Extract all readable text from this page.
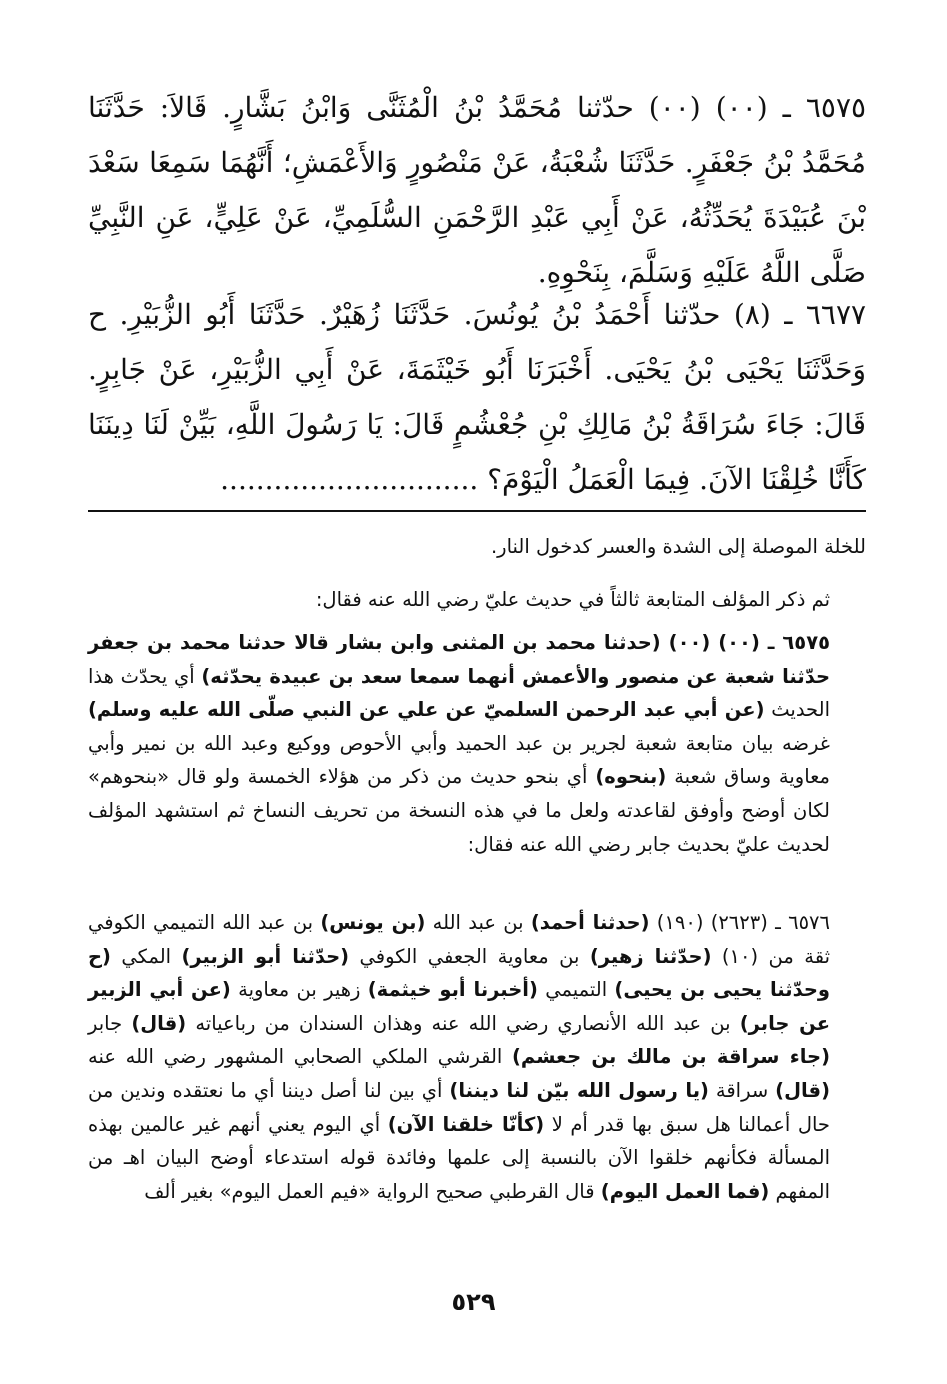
٦٥٧٥ ـ (٠٠) (٠٠) حدّثنا مُحَمَّدُ بْنُ الْمُثَنَّى وَابْنُ بَشَّارٍ. قَالاَ: حَدَّثَنَا مُحَمَّدُ بْنُ جَعْفَرٍ. حَدَّثَنَا شُعْبَةُ، عَنْ مَنْصُورٍ وَالأَعْمَشِ؛ أَنَّهُمَا سَمِعَا سَعْدَ بْنَ عُبَيْدَةَ يُحَدِّثُهُ، عَنْ أَبِي عَبْدِ الرَّحْمَنِ السُّلَمِيِّ، عَنْ عَلِيٍّ، عَنِ النَّبِيِّ صَلَّى اللَّهُ عَلَيْهِ وَسَلَّمَ، بِنَحْوِهِ.
٦٦٧٧ ـ (٨) حدّثنا أَحْمَدُ بْنُ يُونُسَ. حَدَّثَنَا زُهَيْرٌ. حَدَّثَنَا أَبُو الزُّبَيْرِ. ح وَحَدَّثَنَا يَحْيَى بْنُ يَحْيَى. أَخْبَرَنَا أَبُو خَيْثَمَةَ، عَنْ أَبِي الزُّبَيْرِ، عَنْ جَابِرٍ. قَالَ: جَاءَ سُرَاقَةُ بْنُ مَالِكِ بْنِ جُعْشُمٍ قَالَ: يَا رَسُولَ اللَّهِ، بَيِّنْ لَنَا دِينَنَا كَأَنَّا خُلِقْنَا الآنَ. فِيمَا الْعَمَلُ الْيَوْمَ؟ .............................

للخلة الموصلة إلى الشدة والعسر كدخول النار.

ثم ذكر المؤلف المتابعة ثالثاً في حديث عليّ رضي الله عنه فقال:

٦٥٧٥ ـ (٠٠) (٠٠) (حدثنا محمد بن المثنى وابن بشار قالا حدثنا محمد بن جعفر حدّثنا شعبة عن منصور والأعمش أنهما سمعا سعد بن عبيدة يحدّثه) أي يحدّث هذا الحديث (عن أبي عبد الرحمن السلميّ عن علي عن النبي صلّى الله عليه وسلم) غرضه بيان متابعة شعبة لجرير بن عبد الحميد وأبي الأحوص ووكيع وعبد الله بن نمير وأبي معاوية وساق شعبة (بنحوه) أي بنحو حديث من ذكر من هؤلاء الخمسة ولو قال «بنحوهم» لكان أوضح وأوفق لقاعدته ولعل ما في هذه النسخة من تحريف النساخ ثم استشهد المؤلف لحديث عليّ بحديث جابر رضي الله عنه فقال:

٦٥٧٦ ـ (٢٦٢٣) (١٩٠) (حدثنا أحمد) بن عبد الله (بن يونس) بن عبد الله التميمي الكوفي ثقة من (١٠) (حدّثنا زهير) بن معاوية الجعفي الكوفي (حدّثنا أبو الزبير) المكي (ح وحدّثنا يحيى بن يحيى) التميمي (أخبرنا أبو خيثمة) زهير بن معاوية (عن أبي الزبير عن جابر) بن عبد الله الأنصاري رضي الله عنه وهذان السندان من رباعياته (قال) جابر (جاء سراقة بن مالك بن جعشم) القرشي الملكي الصحابي المشهور رضي الله عنه (قال) سراقة (يا رسول الله بيّن لنا ديننا) أي بين لنا أصل ديننا أي ما نعتقده وندين من حال أعمالنا هل سبق بها قدر أم لا (كأنّا خلقنا الآن) أي اليوم يعني أنهم غير عالمين بهذه المسألة فكأنهم خلقوا الآن بالنسبة إلى علمها وفائدة قوله استدعاء أوضح البيان اهـ من المفهم (فما العمل اليوم) قال القرطبي صحيح الرواية «فيم العمل اليوم» بغير ألف

٥٢٩
